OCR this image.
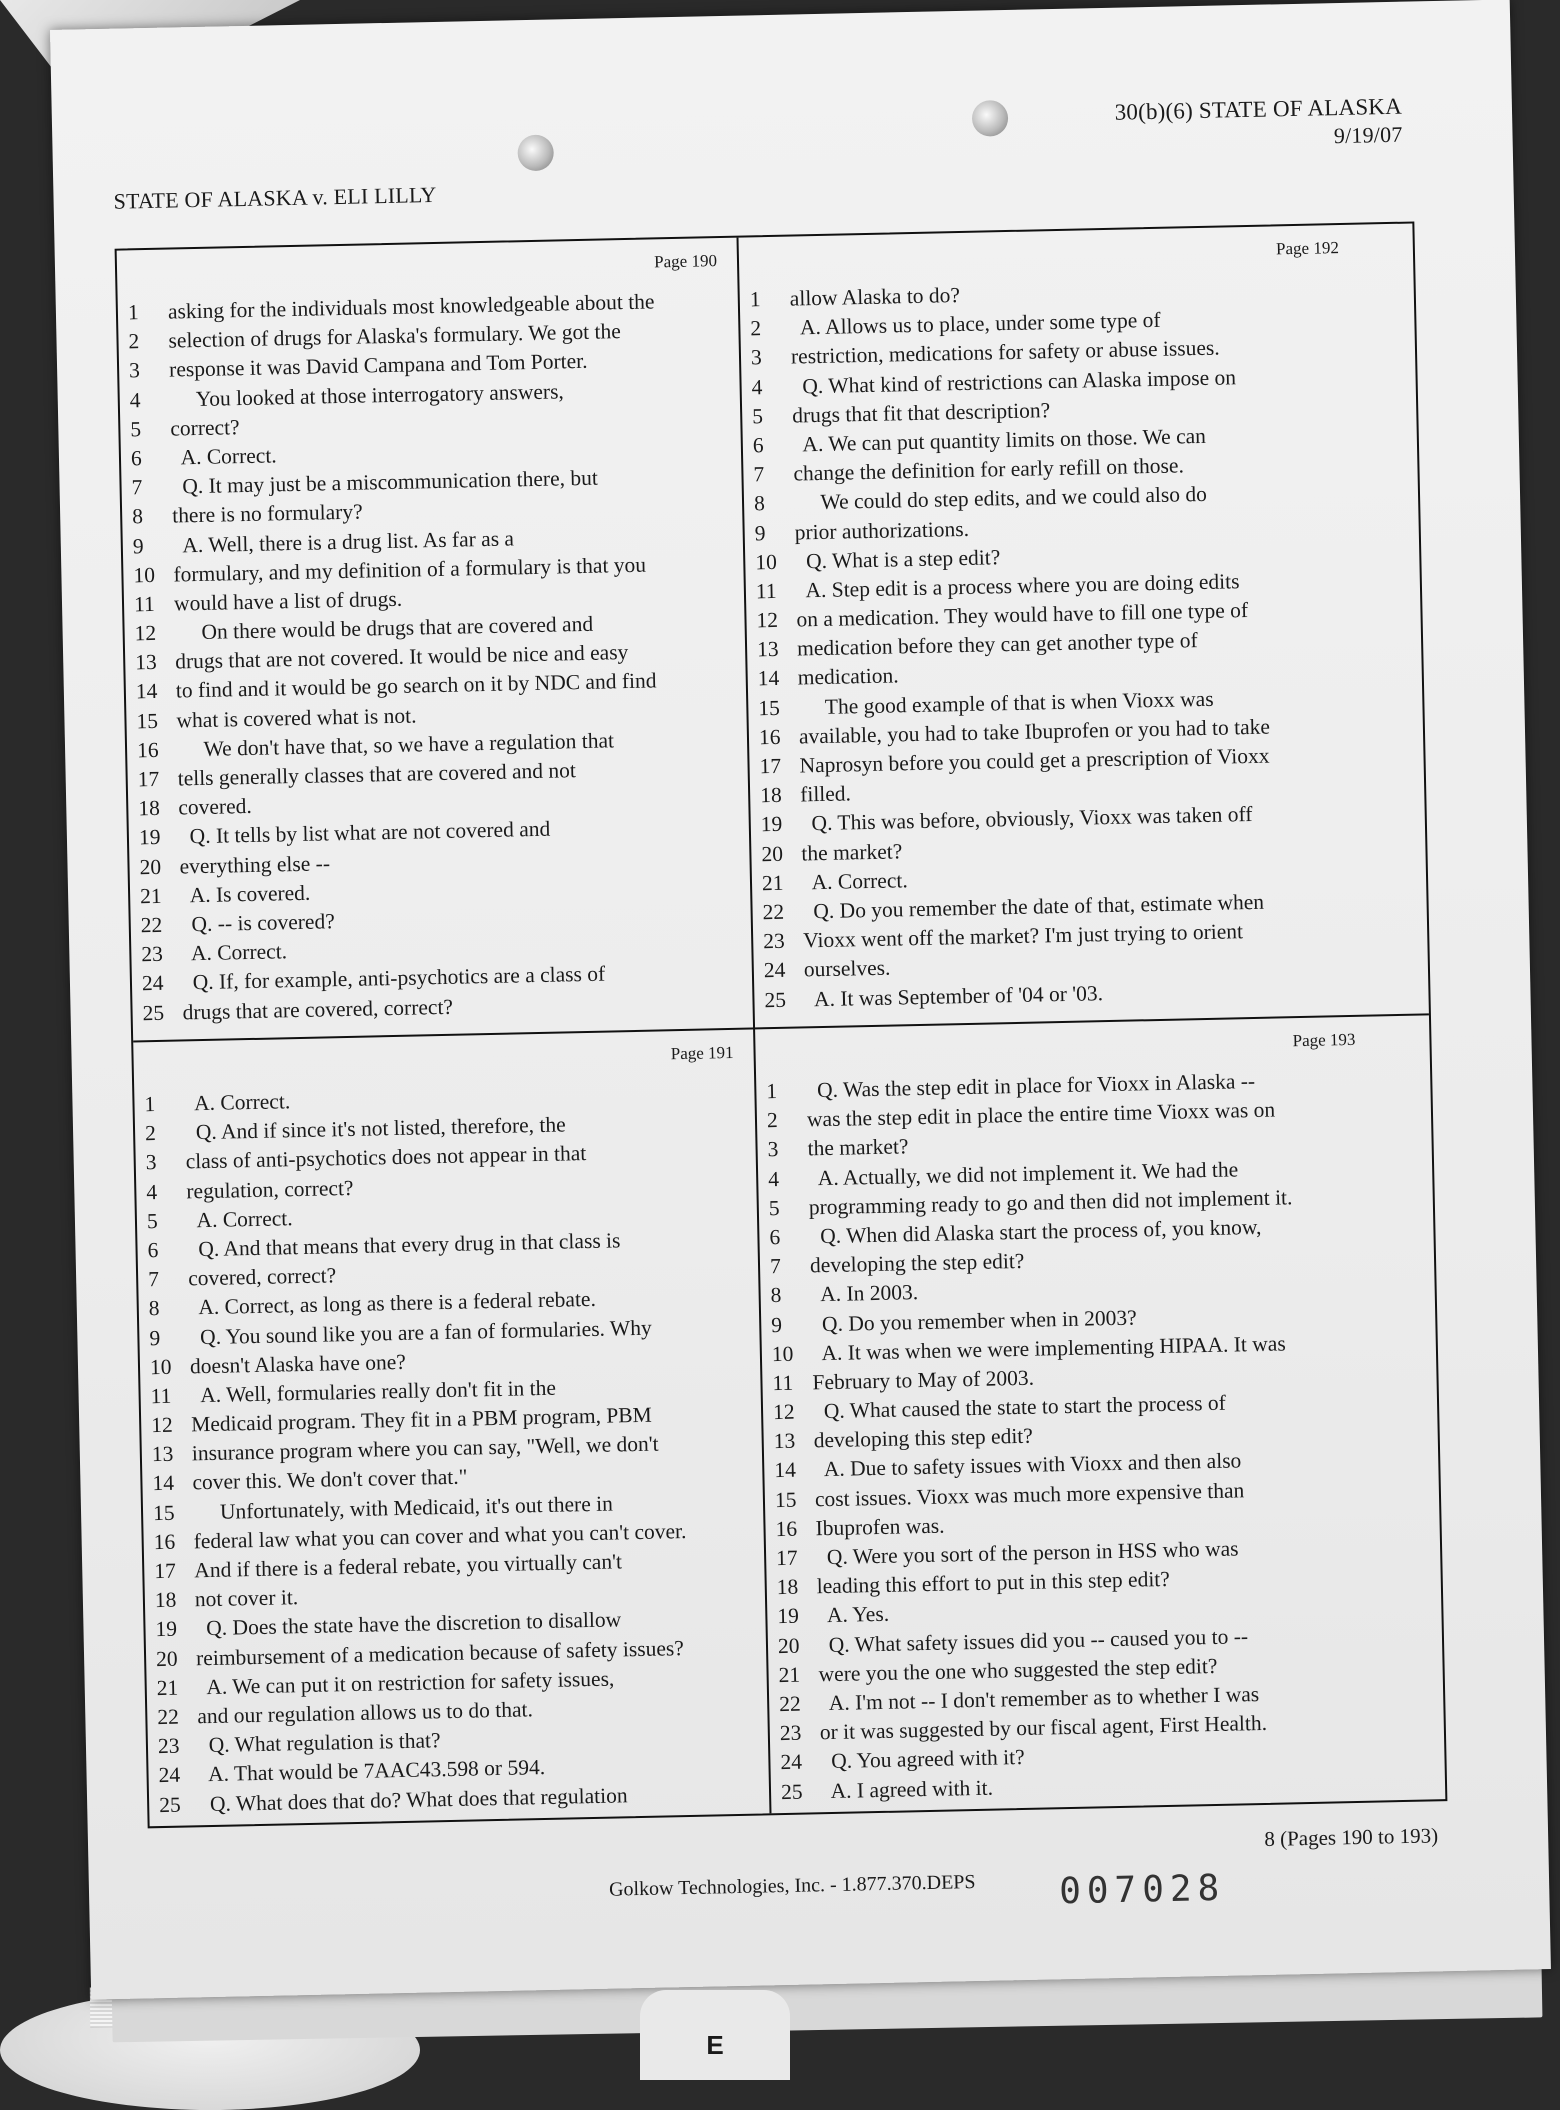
STATE OF ALASKA v. ELI LILLY
30(b)(6) STATE OF ALASKA
9/19/07
Page 190
1	asking for the individuals most knowledgeable about the
2	selection of drugs for Alaska's formulary. We got the
3	response it was David Campana and Tom Porter.
4	You looked at those interrogatory answers,
5	correct?
6	A. Correct.
7	Q. It may just be a miscommunication there, but
8	there is no formulary?
9	A. Well, there is a drug list. As far as a
10 formulary, and my definition of a formulary is that you
11 would have a list of drugs.
12 On there would be drugs that are covered and
13 drugs that are not covered. It would be nice and easy
14 to find and it would be go search on it by NDC and find
15 what is covered what is not.
16 We don't have that, so we have a regulation that
17 tells generally classes that are covered and not
18 covered.
19 Q. It tells by list what are not covered and
20 everything else --
21 A. Is covered.
22 Q. -- is covered?
23 A. Correct.
24 Q. If, for example, anti-psychotics are a class of
25 drugs that are covered, correct?
Page 192
1	allow Alaska to do?
2	A. Allows us to place, under some type of
3	restriction, medications for safety or abuse issues.
4	Q. What kind of restrictions can Alaska impose on
5	drugs that fit that description?
6	A. We can put quantity limits on those. We can
7	change the definition for early refill on those.
8	We could do step edits, and we could also do
9	prior authorizations.
10 Q. What is a step edit?
11 A. Step edit is a process where you are doing edits
12 on a medication. They would have to fill one type of
13 medication before they can get another type of
14 medication.
15 The good example of that is when Vioxx was
16 available, you had to take Ibuprofen or you had to take
17 Naprosyn before you could get a prescription of Vioxx
18 filled.
19 Q. This was before, obviously, Vioxx was taken off
20 the market?
21 A. Correct.
22 Q. Do you remember the date of that, estimate when
23 Vioxx went off the market? I'm just trying to orient
24 ourselves.
25 A. It was September of '04 or '03.
Page 191
1	A. Correct.
2	Q. And if since it's not listed, therefore, the
3	class of anti-psychotics does not appear in that
4	regulation, correct?
5	A. Correct.
6	Q. And that means that every drug in that class is
7	covered, correct?
8	A. Correct, as long as there is a federal rebate.
9	Q. You sound like you are a fan of formularies. Why
10 doesn't Alaska have one?
11 A. Well, formularies really don't fit in the
12 Medicaid program. They fit in a PBM program, PBM
13 insurance program where you can say, "Well, we don't
14 cover this. We don't cover that."
15 Unfortunately, with Medicaid, it's out there in
16 federal law what you can cover and what you can't cover.
17 And if there is a federal rebate, you virtually can't
18 not cover it.
19 Q. Does the state have the discretion to disallow
20 reimbursement of a medication because of safety issues?
21 A. We can put it on restriction for safety issues,
22 and our regulation allows us to do that.
23 Q. What regulation is that?
24 A. That would be 7AAC43.598 or 594.
25 Q. What does that do? What does that regulation
Page 193
1	Q. Was the step edit in place for Vioxx in Alaska --
2	was the step edit in place the entire time Vioxx was on
3	the market?
4	A. Actually, we did not implement it. We had the
5	programming ready to go and then did not implement it.
6	Q. When did Alaska start the process of, you know,
7	developing the step edit?
8	A. In 2003.
9	Q. Do you remember when in 2003?
10 A. It was when we were implementing HIPAA. It was
11 February to May of 2003.
12 Q. What caused the state to start the process of
13 developing this step edit?
14 A. Due to safety issues with Vioxx and then also
15 cost issues. Vioxx was much more expensive than
16 Ibuprofen was.
17 Q. Were you sort of the person in HSS who was
18 leading this effort to put in this step edit?
19 A. Yes.
20 Q. What safety issues did you -- caused you to --
21 were you the one who suggested the step edit?
22 A. I'm not -- I don't remember as to whether I was
23 or it was suggested by our fiscal agent, First Health.
24 Q. You agreed with it?
25 A. I agreed with it.
8 (Pages 190 to 193)
Golkow Technologies, Inc. - 1.877.370.DEPS 007028
E
